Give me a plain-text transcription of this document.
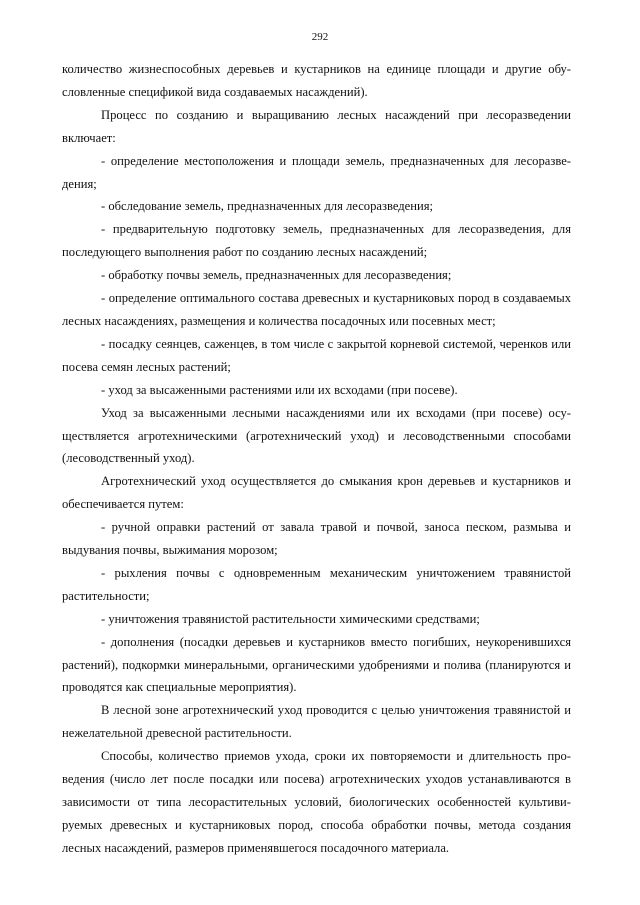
292

количество жизнеспособных деревьев и кустарников на единице площади и другие обусловленные спецификой вида создаваемых насаждений).

Процесс по созданию и выращиванию лесных насаждений при лесоразведении включает:

- определение местоположения и площади земель, предназначенных для лесоразведения;

- обследование земель, предназначенных для лесоразведения;

- предварительную подготовку земель, предназначенных для лесоразведения, для последующего выполнения работ по созданию лесных насаждений;

- обработку почвы земель, предназначенных для лесоразведения;

- определение оптимального состава древесных и кустарниковых пород в создаваемых лесных насаждениях, размещения и количества посадочных или посевных мест;

- посадку сеянцев, саженцев, в том числе с закрытой корневой системой, черенков или посева семян лесных растений;

- уход за высаженными растениями или их всходами (при посеве).

Уход за высаженными лесными насаждениями или их всходами (при посеве) осуществляется агротехническими (агротехнический уход) и лесоводственными способами (лесоводственный уход).

Агротехнический уход осуществляется до смыкания крон деревьев и кустарников и обеспечивается путем:

- ручной оправки растений от завала травой и почвой, заноса песком, размыва и выдувания почвы, выжимания морозом;

- рыхления почвы с одновременным механическим уничтожением травянистой растительности;

- уничтожения травянистой растительности химическими средствами;

- дополнения (посадки деревьев и кустарников вместо погибших, неукоренившихся растений), подкормки минеральными, органическими удобрениями и полива (планируются и проводятся как специальные мероприятия).

В лесной зоне агротехнический уход проводится с целью уничтожения травянистой и нежелательной древесной растительности.

Способы, количество приемов ухода, сроки их повторяемости и длительность проведения (число лет после посадки или посева) агротехнических уходов устанавливаются в зависимости от типа лесорастительных условий, биологических особенностей культивируемых древесных и кустарниковых пород, способа обработки почвы, метода создания лесных насаждений, размеров применявшегося посадочного материала.
